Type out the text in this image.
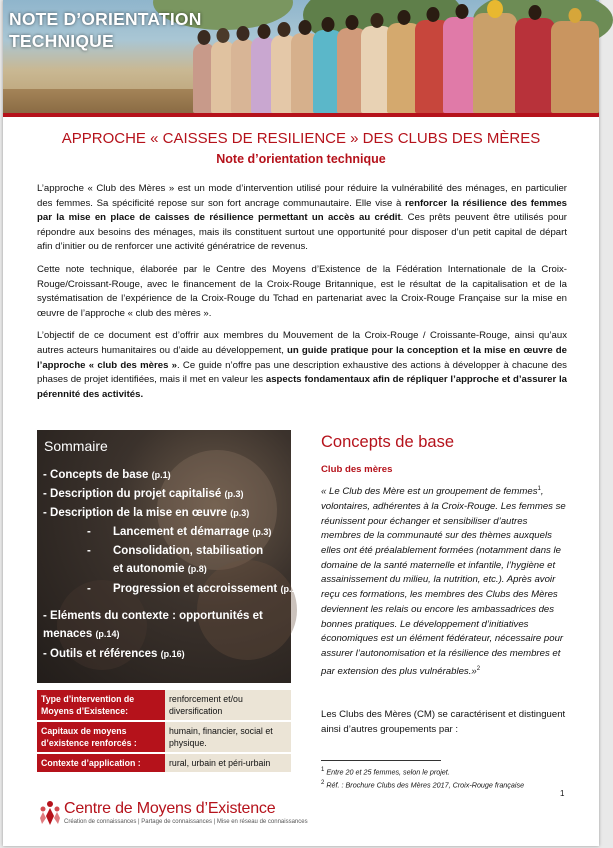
NOTE D’ORIENTATION
TECHNIQUE
APPROCHE « CAISSES DE RESILIENCE » DES CLUBS DES MÈRES
Note d’orientation technique

L’approche « Club des Mères » est un mode d’intervention utilisé pour réduire la vulnérabilité des ménages, en particulier des femmes. Sa spécificité repose sur son fort ancrage communautaire. Elle vise à renforcer la résilience des femmes par la mise en place de caisses de résilience permettant un accès au crédit. Ces prêts peuvent être utilisés pour répondre aux besoins des ménages, mais ils constituent surtout une opportunité pour disposer d’un petit capital de départ afin d’initier ou de renforcer une activité génératrice de revenus.

Cette note technique, élaborée par le Centre des Moyens d’Existence de la Fédération Internationale de la Croix-Rouge/Croissant-Rouge, avec le financement de la Croix-Rouge Britannique, est le résultat de la capitalisation et de la systématisation de l’expérience de la Croix-Rouge du Tchad en partenariat avec la Croix-Rouge Française sur la mise en œuvre de l’approche « club des mères ».

L’objectif de ce document est d’offrir aux membres du Mouvement de la Croix-Rouge / Croissante-Rouge, ainsi qu’aux autres acteurs humanitaires ou d’aide au développement, un guide pratique pour la conception et la mise en œuvre de l’approche « club des mères ». Ce guide n’offre pas une description exhaustive des actions à développer à chacune des phases de projet identifiées, mais il met en valeur les aspects fondamentaux afin de répliquer l’approche et d’assurer la pérennité des activités.

Sommaire
- Concepts de base (p.1)
- Description du projet capitalisé (p.3)
- Description de la mise en œuvre (p.3)
- Lancement et démarrage (p.3)
- Consolidation, stabilisation et autonomie (p.8)
- Progression et accroissement (p.13)
- Eléments du contexte : opportunités et menaces (p.14)
- Outils et références (p.16)
Type d’intervention de Moyens d’Existence:	renforcement et/ou diversification
Capitaux de moyens d’existence renforcés :	humain, financier, social et physique.
Contexte d’application :	rural, urbain et péri-urbain
Centre de Moyens d’Existence
Création de connaissances | Partage de connaissances | Mise en réseau de connaissances
Concepts de base
Club des mères
« Le Club des Mère est un groupement de femmes$^1$, volontaires, adhérentes à la Croix-Rouge. Les femmes se réunissent pour échanger et sensibiliser d’autres membres de la communauté sur des thèmes auxquels elles ont été préalablement formées (notamment dans le domaine de la santé maternelle et infantile, l’hygiène et assainissement du milieu, la nutrition, etc.). Après avoir reçu ces formations, les membres des Clubs des Mères deviennent les relais ou encore les ambassadrices des bonnes pratiques. Le développement d’initiatives économiques est un élément fédérateur, nécessaire pour assurer l’autonomisation et la résilience des membres et par extension des plus vulnérables.»$^2$
Les Clubs des Mères (CM) se caractérisent et distinguent ainsi d’autres groupements par :
$^1$ Entre 20 et 25 femmes, selon le projet.
$^2$ Réf. : Brochure Clubs des Mères 2017, Croix-Rouge française
1
